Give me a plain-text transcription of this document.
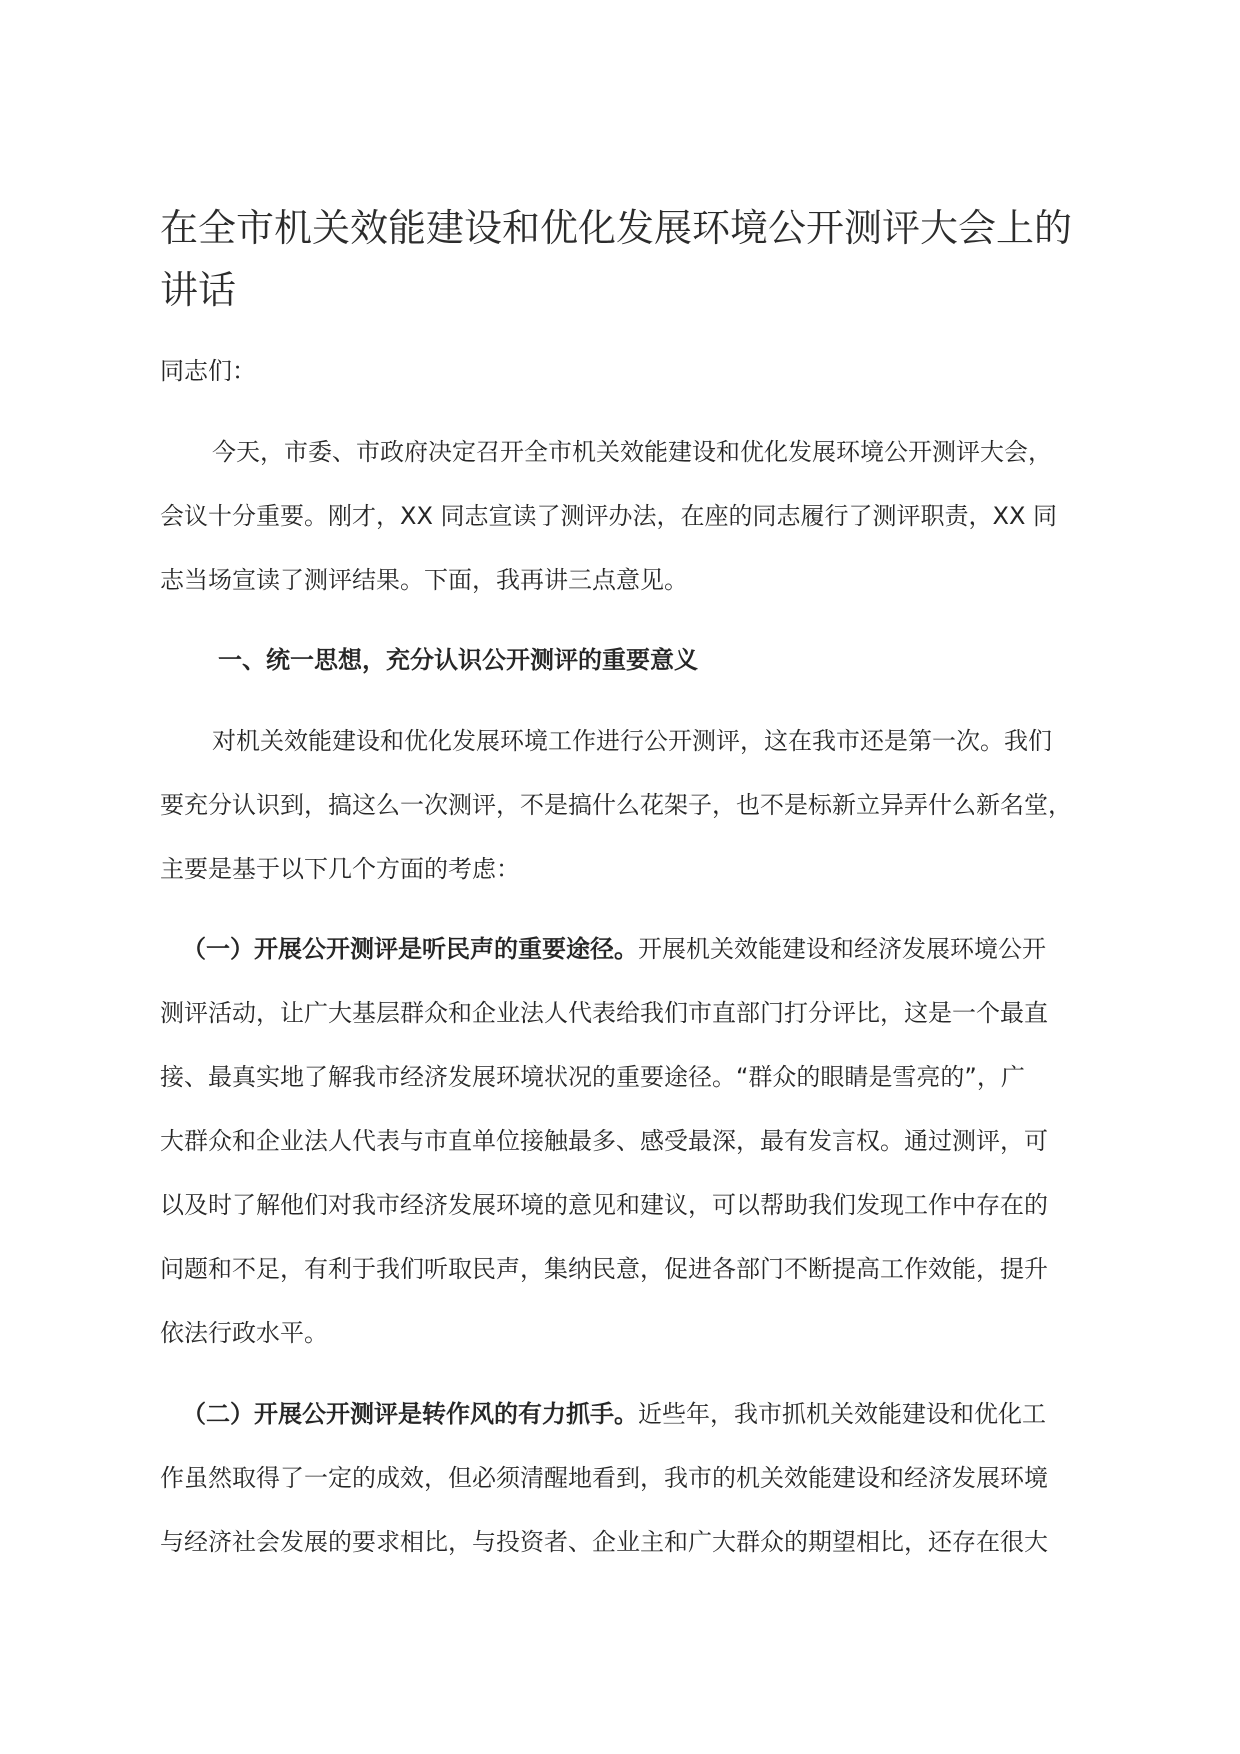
在全市机关效能建设和优化发展环境公开测评大会上的
讲话
同志们：
今天，市委、市政府决定召开全市机关效能建设和优化发展环境公开测评大会，
会议十分重要。刚才，XX 同志宣读了测评办法，在座的同志履行了测评职责，XX 同
志当场宣读了测评结果。下面，我再讲三点意见。
一、统一思想，充分认识公开测评的重要意义
对机关效能建设和优化发展环境工作进行公开测评，这在我市还是第一次。我们
要充分认识到，搞这么一次测评，不是搞什么花架子，也不是标新立异弄什么新名堂，
主要是基于以下几个方面的考虑：
（一）开展公开测评是听民声的重要途径。开展机关效能建设和经济发展环境公开
测评活动，让广大基层群众和企业法人代表给我们市直部门打分评比，这是一个最直
接、最真实地了解我市经济发展环境状况的重要途径。“群众的眼睛是雪亮的”，广
大群众和企业法人代表与市直单位接触最多、感受最深，最有发言权。通过测评，可
以及时了解他们对我市经济发展环境的意见和建议，可以帮助我们发现工作中存在的
问题和不足，有利于我们听取民声，集纳民意，促进各部门不断提高工作效能，提升
依法行政水平。
（二）开展公开测评是转作风的有力抓手。近些年，我市抓机关效能建设和优化工
作虽然取得了一定的成效，但必须清醒地看到，我市的机关效能建设和经济发展环境
与经济社会发展的要求相比，与投资者、企业主和广大群众的期望相比，还存在很大
